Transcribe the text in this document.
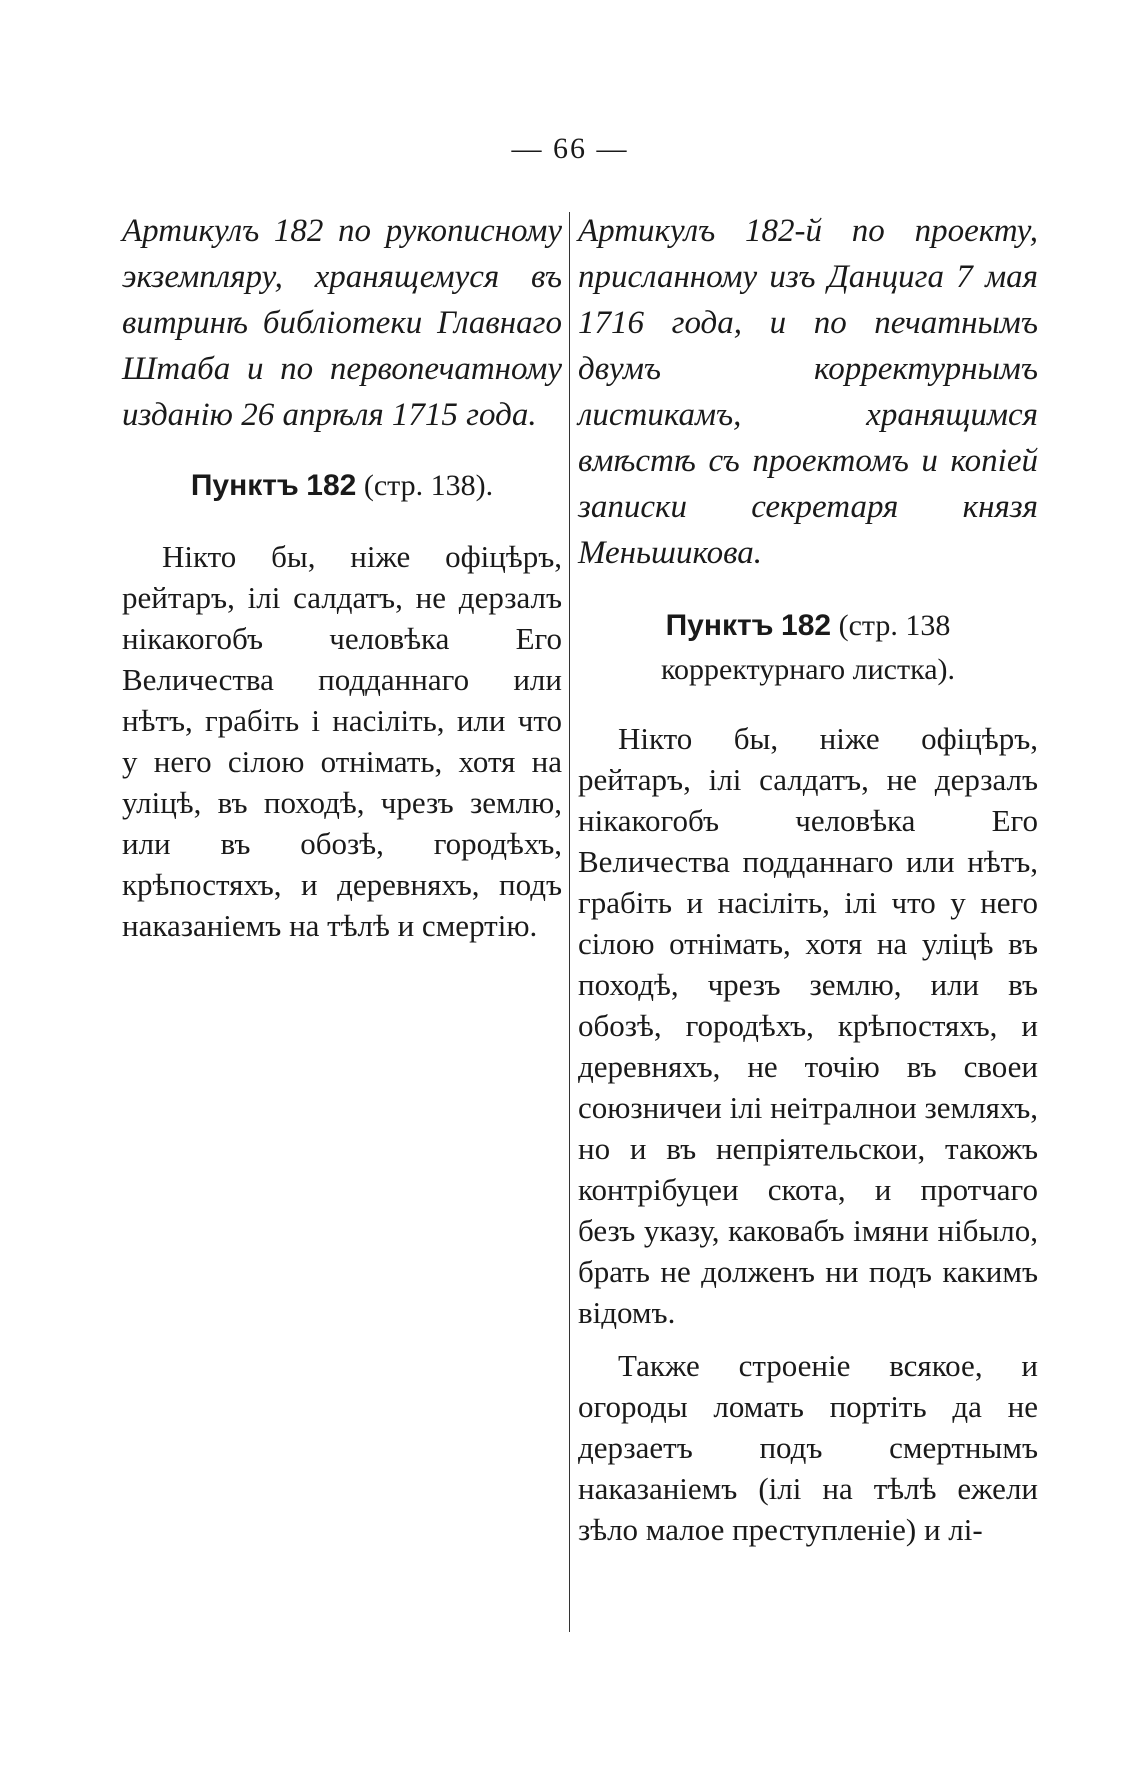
— 66 —

Артикулъ 182 по рукописному экземпляру, хранящемуся въ витринѣ библіотеки Главнаго Штаба и по первопечатному изданію 26 апрѣля 1715 года.

Пунктъ 182 (стр. 138).

Нікто бы, ніже офіцѣръ, рейтаръ, ілі салдатъ, не дерзалъ нікакогобъ человѣка Его Величества подданнаго или нѣтъ, грабіть і насіліть, или что у него сілою отнімать, хотя на уліцѣ, въ походѣ, чрезъ землю, или въ обозѣ, городѣхъ, крѣпостяхъ, и деревняхъ, подъ наказаніемъ на тѣлѣ и смертію.

Артикулъ 182-й по проекту, присланному изъ Данцига 7 мая 1716 года, и по печатнымъ двумъ корректурнымъ листикамъ, хранящимся вмѣстѣ съ проектомъ и копіей записки секретаря князя Меньшикова.

Пунктъ 182 (стр. 138 корректурнаго листка).

Нікто бы, ніже офіцѣръ, рейтаръ, ілі салдатъ, не дерзалъ нікакогобъ человѣка Его Величества подданнаго или нѣтъ, грабіть и насіліть, ілі что у него сілою отнімать, хотя на уліцѣ въ походѣ, чрезъ землю, или въ обозѣ, городѣхъ, крѣпостяхъ, и деревняхъ, не точію въ своеи союзничеи ілі неітралнои земляхъ, но и въ непріятельскои, такожъ контрібуцеи скота, и протчаго безъ указу, каковабъ імяни нібыло, брать не долженъ ни подъ какимъ відомъ.

Также строеніе всякое, и огороды ломать портіть да не дерзаетъ подъ смертнымъ наказаніемъ (ілі на тѣлѣ ежели зѣло малое преступленіе) и лі-
